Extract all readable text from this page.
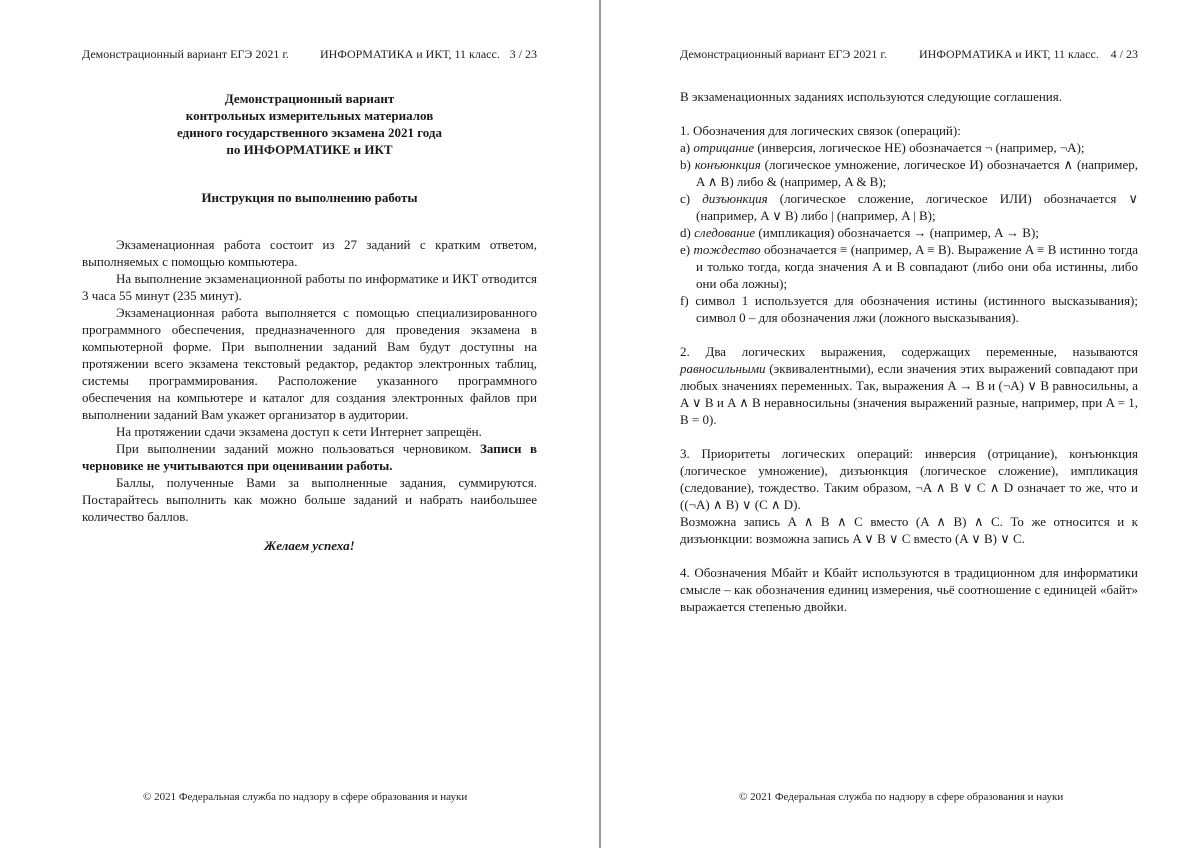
Демонстрационный вариант ЕГЭ 2021 г.	ИНФОРМАТИКА и ИКТ, 11 класс. 3 / 23
Демонстрационный вариант
контрольных измерительных материалов
единого государственного экзамена 2021 года
по ИНФОРМАТИКЕ и ИКТ
Инструкция по выполнению работы

Экзаменационная работа состоит из 27 заданий с кратким ответом, выполняемых с помощью компьютера.

На выполнение экзаменационной работы по информатике и ИКТ отводится 3 часа 55 минут (235 минут).

Экзаменационная работа выполняется с помощью специализированного программного обеспечения, предназначенного для проведения экзамена в компьютерной форме. При выполнении заданий Вам будут доступны на протяжении всего экзамена текстовый редактор, редактор электронных таблиц, системы программирования. Расположение указанного программного обеспечения на компьютере и каталог для создания электронных файлов при выполнении заданий Вам укажет организатор в аудитории.

На протяжении сдачи экзамена доступ к сети Интернет запрещён.

При выполнении заданий можно пользоваться черновиком. Записи в черновике не учитываются при оценивании работы.

Баллы, полученные Вами за выполненные задания, суммируются. Постарайтесь выполнить как можно больше заданий и набрать наибольшее количество баллов.

Желаем успеха!
© 2021 Федеральная служба по надзору в сфере образования и науки
Демонстрационный вариант ЕГЭ 2021 г.	ИНФОРМАТИКА и ИКТ, 11 класс. 4 / 23

В экзаменационных заданиях используются следующие соглашения.

1. Обозначения для логических связок (операций):

a) отрицание (инверсия, логическое НЕ) обозначается ¬ (например, ¬A);

b) конъюнкция (логическое умножение, логическое И) обозначается ∧ (например, A ∧ B) либо & (например, A & B);

c) дизъюнкция (логическое сложение, логическое ИЛИ) обозначается ∨ (например, A ∨ B) либо | (например, A | B);

d) следование (импликация) обозначается → (например, A → B);

e) тождество обозначается ≡ (например, A ≡ B). Выражение A ≡ B истинно тогда и только тогда, когда значения A и B совпадают (либо они оба истинны, либо они оба ложны);

f) символ 1 используется для обозначения истины (истинного высказывания); символ 0 – для обозначения лжи (ложного высказывания).

2. Два логических выражения, содержащих переменные, называются равносильными (эквивалентными), если значения этих выражений совпадают при любых значениях переменных. Так, выражения A → B и (¬A) ∨ B равносильны, а A ∨ B и A ∧ B неравносильны (значения выражений разные, например, при A = 1, B = 0).

3. Приоритеты логических операций: инверсия (отрицание), конъюнкция (логическое умножение), дизъюнкция (логическое сложение), импликация (следование), тождество. Таким образом, ¬A ∧ B ∨ C ∧ D означает то же, что и ((¬A) ∧ B) ∨ (C ∧ D).

Возможна запись A ∧ B ∧ C вместо (A ∧ B) ∧ C. То же относится и к дизъюнкции: возможна запись A ∨ B ∨ C вместо (A ∨ B) ∨ C.

4. Обозначения Мбайт и Кбайт используются в традиционном для информатики смысле – как обозначения единиц измерения, чьё соотношение с единицей «байт» выражается степенью двойки.

© 2021 Федеральная служба по надзору в сфере образования и науки
